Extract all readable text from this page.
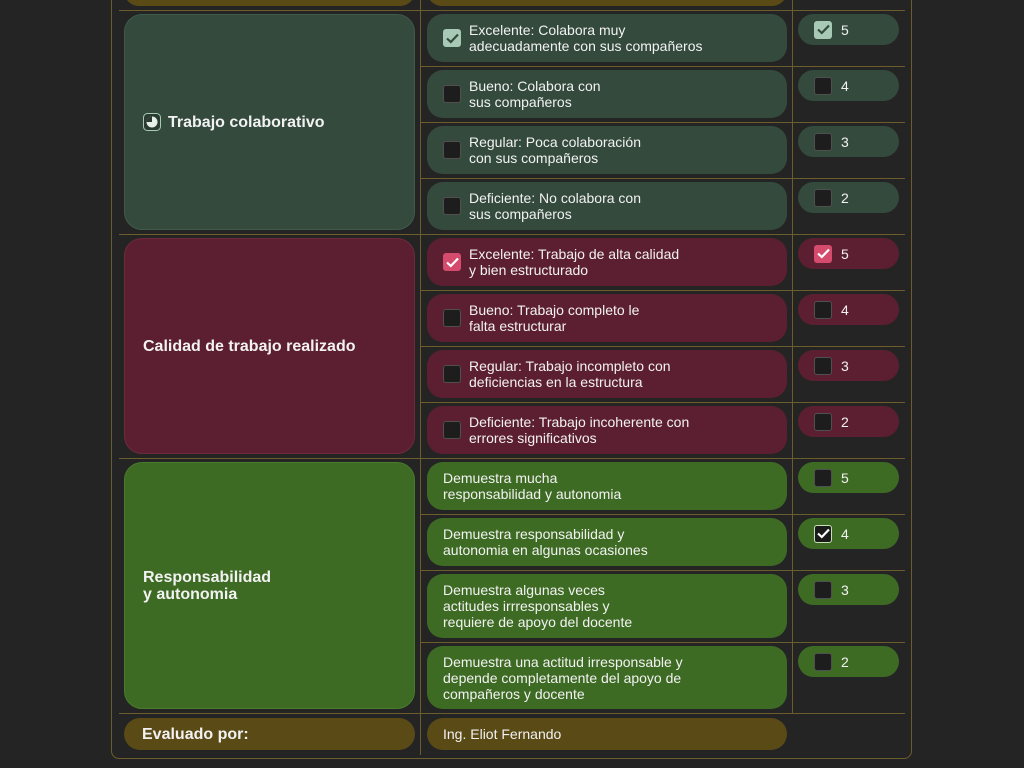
Trabajo colaborativo
Excelente: Colabora muy
adecuadamente con sus compañeros
5
Bueno: Colabora con
sus compañeros
4
Regular: Poca colaboración
con sus compañeros
3
Deficiente: No colabora con
sus compañeros
2
Calidad de trabajo realizado
Excelente: Trabajo de alta calidad
y bien estructurado
5
Bueno: Trabajo completo le
falta estructurar
4
Regular: Trabajo incompleto con
deficiencias en la estructura
3
Deficiente: Trabajo incoherente con
errores significativos
2
Responsabilidad
y autonomia
Demuestra mucha
responsabilidad y autonomia
5
Demuestra responsabilidad y
autonomia en algunas ocasiones
4
Demuestra algunas veces
actitudes irrresponsables y
requiere de apoyo del docente
3
Demuestra una actitud irresponsable y
depende completamente del apoyo de
compañeros y docente
2
Evaluado por:	Ing. Eliot Fernando
